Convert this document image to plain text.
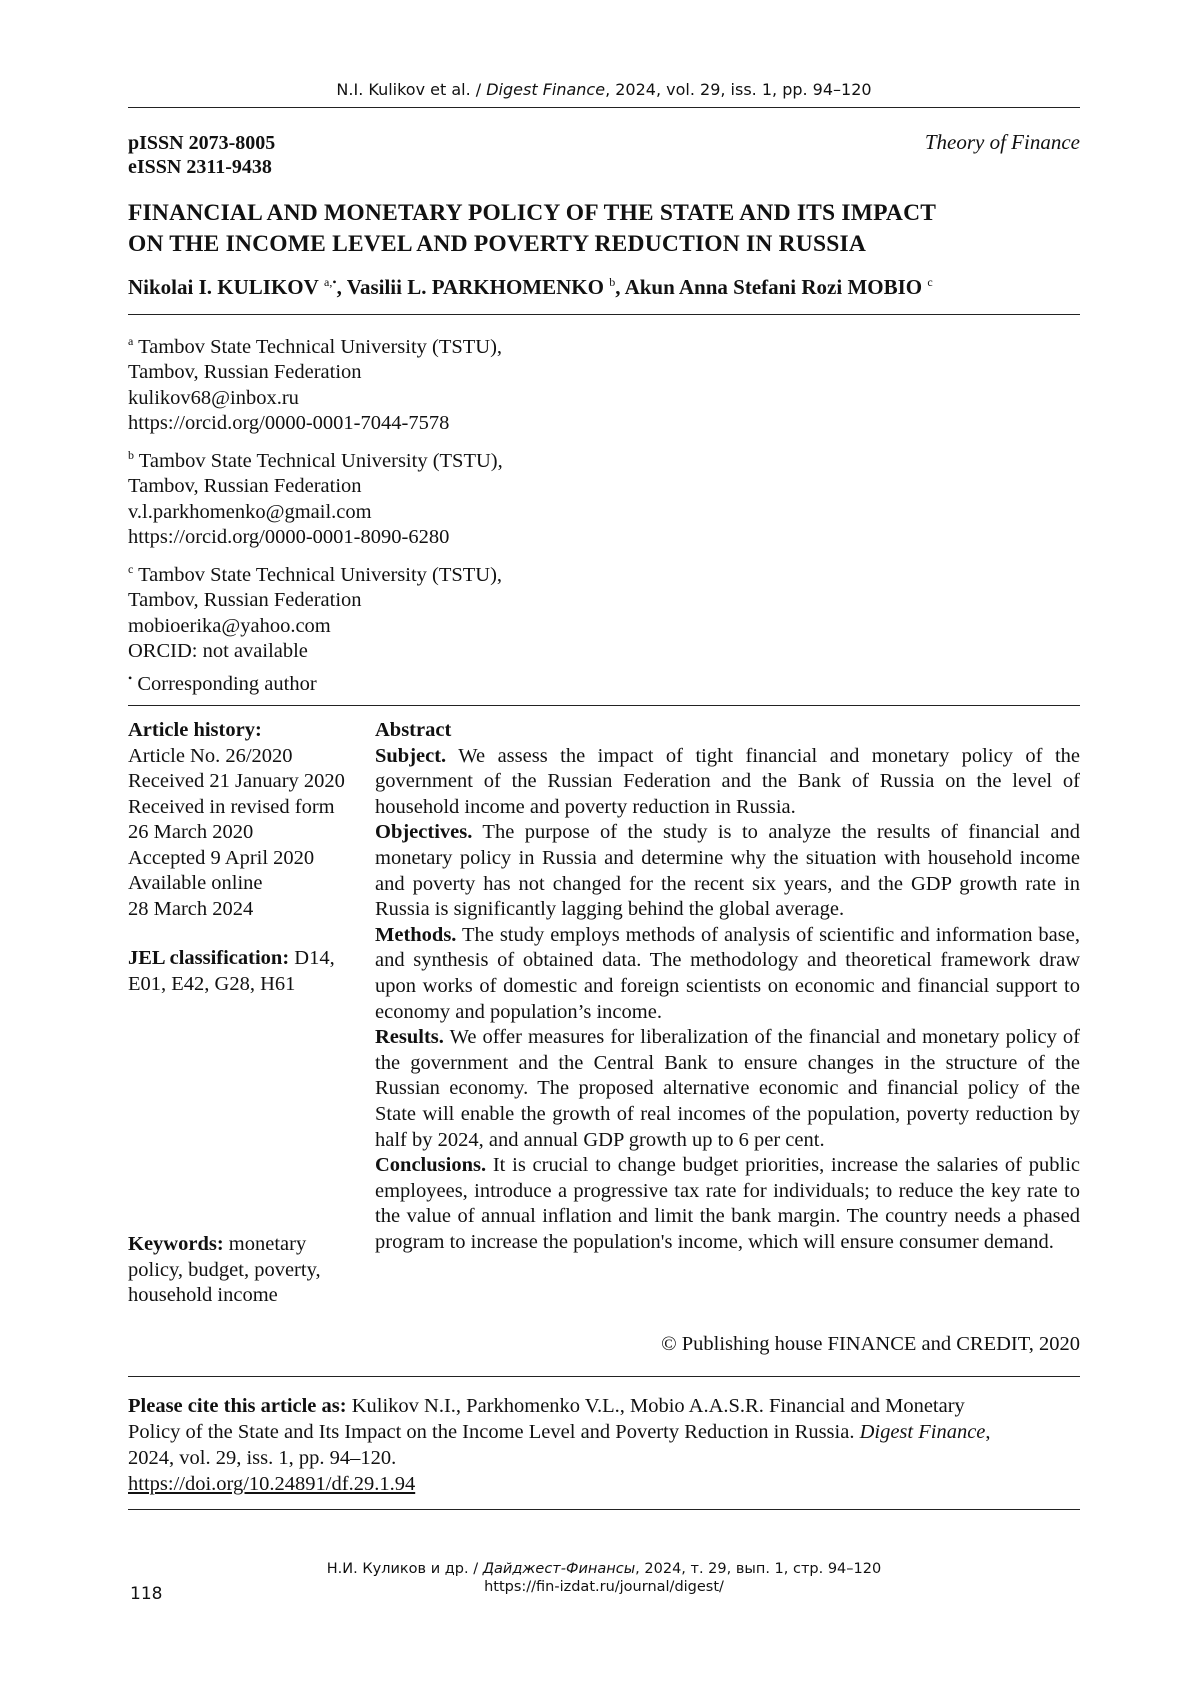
N.I. Kulikov et al. / Digest Finance, 2024, vol. 29, iss. 1, pp. 94–120
pISSN 2073-8005
eISSN 2311-9438
Theory of Finance
FINANCIAL AND MONETARY POLICY OF THE STATE AND ITS IMPACT
ON THE INCOME LEVEL AND POVERTY REDUCTION IN RUSSIA
Nikolai I. KULIKOV $^{a,•}$, Vasilii L. PARKHOMENKO $^b$, Akun Anna Stefani Rozi MOBIO $^c$
$^a$ Tambov State Technical University (TSTU),
Tambov, Russian Federation
kulikov68@inbox.ru
https://orcid.org/0000-0001-7044-7578
$^b$ Tambov State Technical University (TSTU),
Tambov, Russian Federation
v.l.parkhomenko@gmail.com
https://orcid.org/0000-0001-8090-6280
$^c$ Tambov State Technical University (TSTU),
Tambov, Russian Federation
mobioerika@yahoo.com
ORCID: not available
• Corresponding author
Article history:
Article No. 26/2020
Received 21 January 2020
Received in revised form
26 March 2020
Accepted 9 April 2020
Available online
28 March 2024
JEL classification: D14,
E01, E42, G28, H61
Keywords: monetary
policy, budget, poverty,
household income
Abstract

Subject. We assess the impact of tight financial and monetary policy of the government of the Russian Federation and the Bank of Russia on the level of household income and poverty reduction in Russia.

Objectives. The purpose of the study is to analyze the results of financial and monetary policy in Russia and determine why the situation with household income and poverty has not changed for the recent six years, and the GDP growth rate in Russia is significantly lagging behind the global average.

Methods. The study employs methods of analysis of scientific and information base, and synthesis of obtained data. The methodology and theoretical framework draw upon works of domestic and foreign scientists on economic and financial support to economy and population’s income.

Results. We offer measures for liberalization of the financial and monetary policy of the government and the Central Bank to ensure changes in the structure of the Russian economy. The proposed alternative economic and financial policy of the State will enable the growth of real incomes of the population, poverty reduction by half by 2024, and annual GDP growth up to 6 per cent.

Conclusions. It is crucial to change budget priorities, increase the salaries of public employees, introduce a progressive tax rate for individuals; to reduce the key rate to the value of annual inflation and limit the bank margin. The country needs a phased program to increase the population's income, which will ensure consumer demand.

© Publishing house FINANCE and CREDIT, 2020
Please cite this article as: Kulikov N.I., Parkhomenko V.L., Mobio A.A.S.R. Financial and Monetary
Policy of the State and Its Impact on the Income Level and Poverty Reduction in Russia. Digest Finance,
2024, vol. 29, iss. 1, pp. 94–120.
https://doi.org/10.24891/df.29.1.94
Н.И. Куликов и др. / Дайджест-Финансы, 2024, т. 29, вып. 1, стр. 94–120
https://fin-izdat.ru/journal/digest/
118
